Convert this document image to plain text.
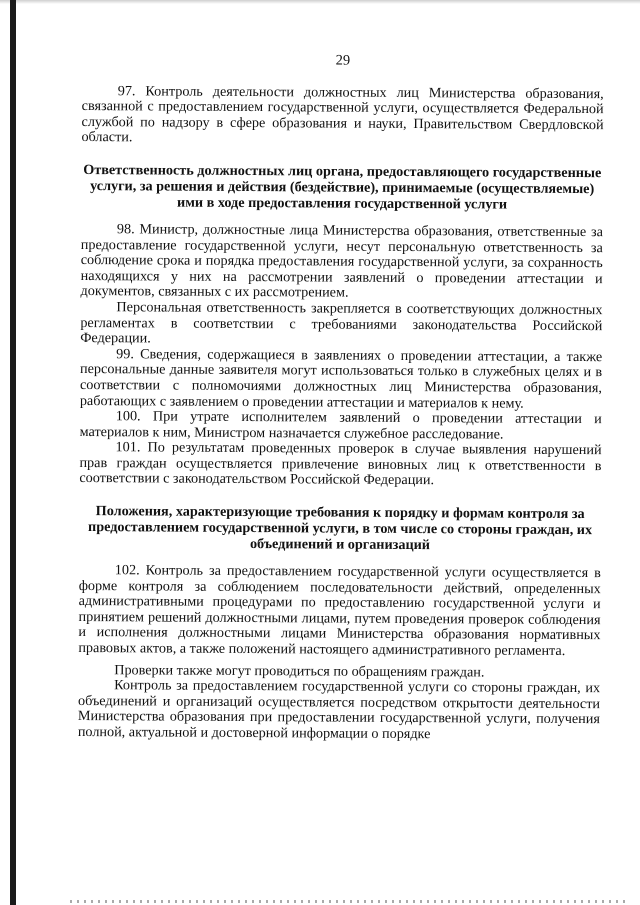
29

97. Контроль деятельности должностных лиц Министерства образования, связанной с предоставлением государственной услуги, осуществляется Федеральной службой по надзору в сфере образования и науки, Правительством Свердловской области.

Ответственность должностных лиц органа, предоставляющего государственные услуги, за решения и действия (бездействие), принимаемые (осуществляемые) ими в ходе предоставления государственной услуги

98. Министр, должностные лица Министерства образования, ответственные за предоставление государственной услуги, несут персональную ответственность за соблюдение срока и порядка предоставления государственной услуги, за сохранность находящихся у них на рассмотрении заявлений о проведении аттестации и документов, связанных с их рассмотрением.

Персональная ответственность закрепляется в соответствующих должностных регламентах в соответствии с требованиями законодательства Российской Федерации.

99. Сведения, содержащиеся в заявлениях о проведении аттестации, а также персональные данные заявителя могут использоваться только в служебных целях и в соответствии с полномочиями должностных лиц Министерства образования, работающих с заявлением о проведении аттестации и материалов к нему.

100. При утрате исполнителем заявлений о проведении аттестации и материалов к ним, Министром назначается служебное расследование.

101. По результатам проведенных проверок в случае выявления нарушений прав граждан осуществляется привлечение виновных лиц к ответственности в соответствии с законодательством Российской Федерации.

Положения, характеризующие требования к порядку и формам контроля за предоставлением государственной услуги, в том числе со стороны граждан, их объединений и организаций

102. Контроль за предоставлением государственной услуги осуществляется в форме контроля за соблюдением последовательности действий, определенных административными процедурами по предоставлению государственной услуги и принятием решений должностными лицами, путем проведения проверок соблюдения и исполнения должностными лицами Министерства образования нормативных правовых актов, а также положений настоящего административного регламента.

Проверки также могут проводиться по обращениям граждан.

Контроль за предоставлением государственной услуги со стороны граждан, их объединений и организаций осуществляется посредством открытости деятельности Министерства образования при предоставлении государственной услуги, получения полной, актуальной и достоверной информации о порядке
